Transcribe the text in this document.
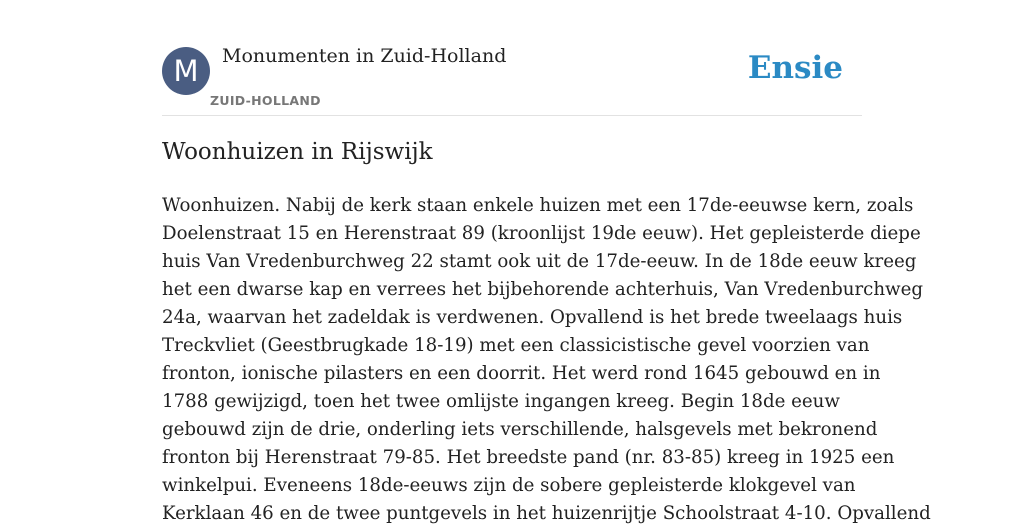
M	Monumenten in Zuid-Holland
ZUID-HOLLAND
Ensie
Woonhuizen in Rijswijk
Woonhuizen. Nabij de kerk staan enkele huizen met een 17de-eeuwse kern, zoals
Doelenstraat 15 en Herenstraat 89 (kroonlijst 19de eeuw). Het gepleisterde diepe
huis Van Vredenburchweg 22 stamt ook uit de 17de-eeuw. In de 18de eeuw kreeg
het een dwarse kap en verrees het bijbehorende achterhuis, Van Vredenburchweg
24a, waarvan het zadeldak is verdwenen. Opvallend is het brede tweelaags huis
Treckvliet (Geestbrugkade 18-19) met een classicistische gevel voorzien van
fronton, ionische pilasters en een doorrit. Het werd rond 1645 gebouwd en in
1788 gewijzigd, toen het twee omlijste ingangen kreeg. Begin 18de eeuw
gebouwd zijn de drie, onderling iets verschillende, halsgevels met bekronend
fronton bij Herenstraat 79-85. Het breedste pand (nr. 83-85) kreeg in 1925 een
winkelpui. Eveneens 18de-eeuws zijn de sobere gepleisterde klokgevel van
Kerklaan 46 en de twee puntgevels in het huizenrijtje Schoolstraat 4-10. Opvallend
